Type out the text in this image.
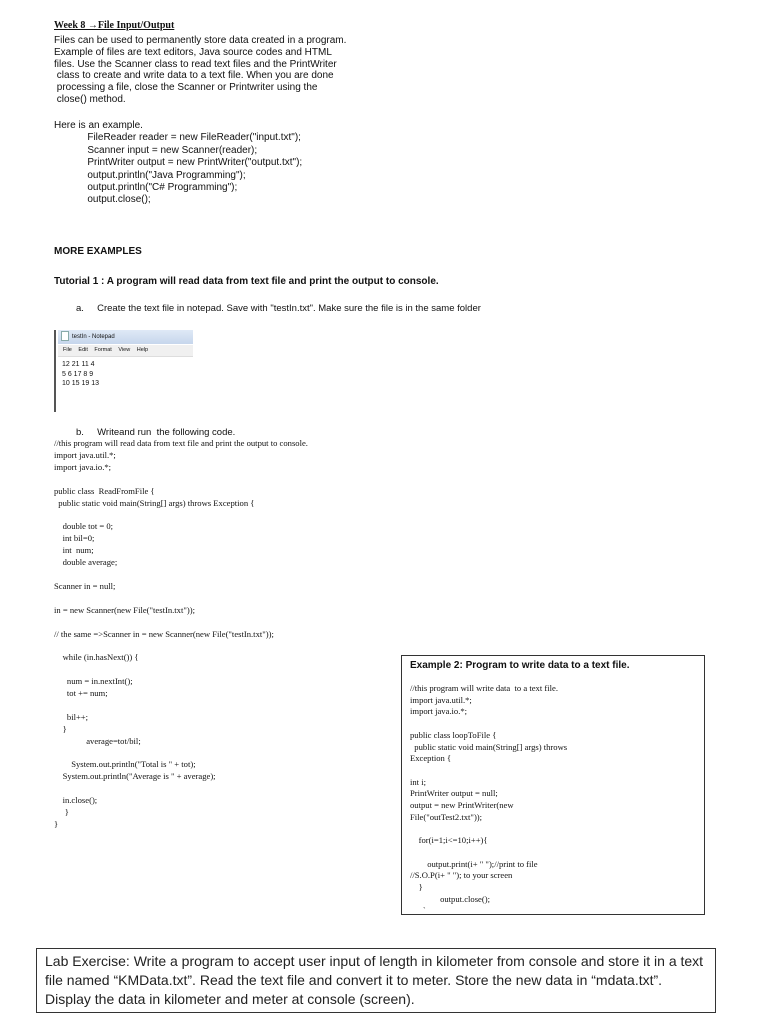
Week 8 →File Input/Output
Files can be used to permanently store data created in a program.
Example of files are text editors, Java source codes and HTML
files. Use the Scanner class to read text files and the PrintWriter
class to create and write data to a text file. When you are done
processing a file, close the Scanner or Printwriter using the
close() method.
Here is an example.
FileReader reader = new FileReader("input.txt");
Scanner input = new Scanner(reader);
PrintWriter output = new PrintWriter("output.txt");
output.println("Java Programming");
output.println("C# Programming");
output.close();
MORE EXAMPLES
Tutorial 1 : A program will read data from text file and print the output to console.
a.     Create the text file in notepad. Save with "testIn.txt". Make sure the file is in the same folder
testIn - Notepad
File Edit Format View Help
12 21 11 4
5 6 17 8 9
10 15 19 13
b.     Writeand run  the following code.
//this program will read data from text file and print the output to console.
import java.util.*;
import java.io.*;

public class  ReadFromFile {
public static void main(String[] args) throws Exception {

double tot = 0;
int bil=0;
int  num;
double average;

Scanner in = null;

in = new Scanner(new File("testIn.txt"));

// the same =>Scanner in = new Scanner(new File("testIn.txt"));

while (in.hasNext()) {

num = in.nextInt();
tot += num;

bil++;
}
average=tot/bil;

System.out.println("Total is " + tot);
System.out.println("Average is " + average);

in.close();
}
}
Example 2: Program to write data to a text file.
//this program will write data  to a text file.
import java.util.*;
import java.io.*;

public class loopToFile {
public static void main(String[] args) throws
Exception {

int i;
PrintWriter output = null;
output = new PrintWriter(new
File("outTest2.txt"));

for(i=1;i<=10;i++){

output.print(i+ " ");//print to file
//S.O.P(i+ " "); to your screen
}
output.close();
`
Lab Exercise: Write a program to accept user input of length in kilometer from console and store it in a text file named “KMData.txt”. Read the text file and convert it to meter. Store the new data in “mdata.txt”. Display the data in kilometer and meter at console (screen).
